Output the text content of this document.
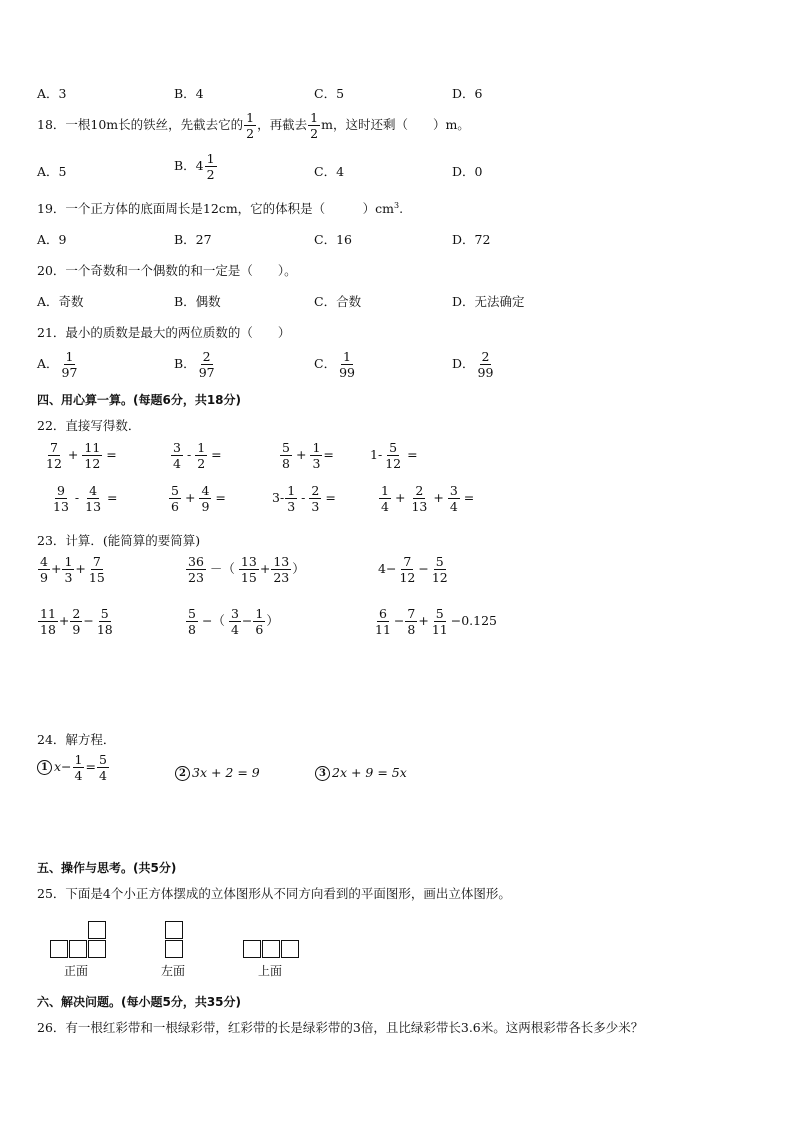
A．3	B．4	C．5	D．6
18．一根10m长的铁丝，先截去它的 $\frac{1}{2}$ ，再截去 $\frac{1}{2}$ m，这时还剩（　　）m。
A．5	B．$4 \frac{1}{2}$	C．4	D．0
19．一个正方体的底面周长是12cm，它的体积是（　　　）$cm^3$.
A．9	B．27	C．16	D．72
20．一个奇数和一个偶数的和一定是（　　）。
A．奇数	B．偶数	C．合数	D．无法确定
21．最小的质数是最大的两位质数的（　　）
A． $\frac{1}{97}$	B． $\frac{2}{97}$	C． $\frac{1}{99}$	D． $\frac{2}{99}$
四、用心算一算。(每题6分，共18分)
22．直接写得数．
$\frac{7}{12} + \frac{11}{12}$ =	$\frac{3}{4} - \frac{1}{2}$ =	$\frac{5}{8} + \frac{1}{3}$ =	$1- \frac{5}{12}$ =
$\frac{9}{13} - \frac{4}{13}$ =	$\frac{5}{6} + \frac{4}{9}$ =	$3- \frac{1}{3} - \frac{2}{3}$ =	$\frac{1}{4} + \frac{2}{13} + \frac{3}{4}$ =
23．计算．(能简算的要简算)
$\frac{4}{9} + \frac{1}{3} + \frac{7}{15}$	$\frac{36}{23}$ －（ $\frac{13}{15} + \frac{13}{23}$ ）	$4- \frac{7}{12} - \frac{5}{12}$
$\frac{11}{18} + \frac{2}{9} - \frac{5}{18}$	$\frac{5}{8}$ −（ $\frac{3}{4} - \frac{1}{6}$ ）	$\frac{6}{11} - \frac{7}{8} + \frac{5}{11} -0.125$
24．解方程．
1 $x- \frac{1}{4} = \frac{5}{4}$	2 3x + 2 = 9	3 2x + 9 = 5x
五、操作与思考。(共5分)
25．下面是4个小正方体摆成的立体图形从不同方向看到的平面图形，画出立体图形。
正面	左面	上面
六、解决问题。(每小题5分，共35分)
26．有一根红彩带和一根绿彩带，红彩带的长是绿彩带的3倍，且比绿彩带长3.6米。这两根彩带各长多少米？
